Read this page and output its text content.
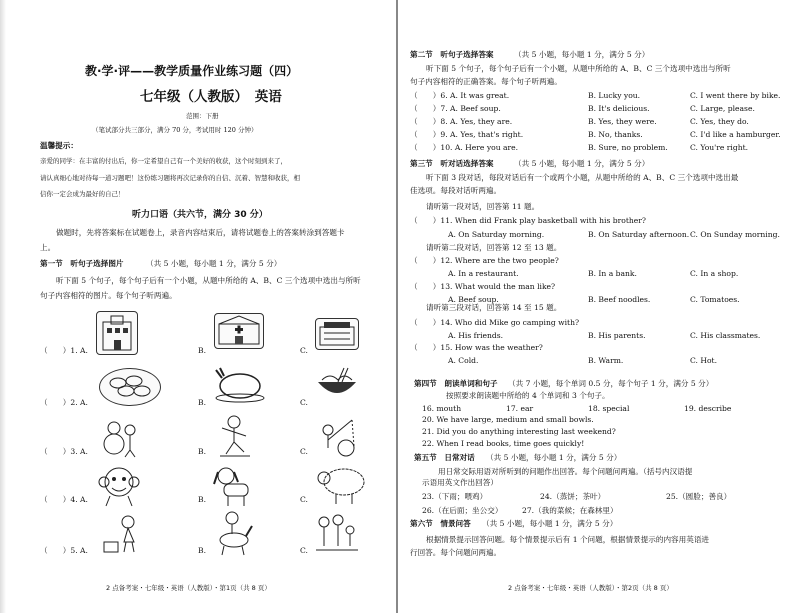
教·学·评——教学质量作业练习题（四）
七年级（人教版）　英语
范围：下册
（笔试部分共三部分，满分 70 分，考试用时 120 分钟）
温馨提示：
亲爱的同学：在丰富的付出后，你一定希望自己有一个美好的收获，这个时刻到来了，
请认真细心地对待每一道习题吧！这份练习题将再次记录你的自信、沉着、智慧和收获，相
信你一定会成为最好的自己！
听力口语（共六节，满分 30 分）
做题时，先将答案标在试题卷上，录音内容结束后，请将试题卷上的答案转涂到答题卡
上。
第一节　听句子选择图片	（共 5 小题，每小题 1 分，满分 5 分）
听下面 5 个句子，每个句子后有一个小题，从题中所给的 A、B、C 三个选项中选出与所听
句子内容相符的图片。每个句子听两遍。
（　　）1. A.	B.	C.
（　　）2. A.	B.	C.
（　　）3. A.	B.	C.
（　　）4. A.	B.	C.
（　　）5. A.	B.	C.
2 点备考案・七年级・英语（人教版）・第1页（共 8 页）
第二节　听句子选择答案	（共 5 小题，每小题 1 分，满分 5 分）
听下面 5 个句子，每个句子后有一个小题，从题中所给的 A、B、C 三个选项中选出与所听
句子内容相符的正确答案。每个句子听两遍。
（　　）6. A. It was great.	B. Lucky you.	C. I went there by bike.
（　　）7. A. Beef soup.	B. It's delicious.	C. Large, please.
（　　）8. A. Yes, they are.	B. Yes, they were.	C. Yes, they do.
（　　）9. A. Yes, that's right.	B. No, thanks.	C. I'd like a hamburger.
（　　）10. A. Here you are.	B. Sure, no problem.	C. You're right.
第三节　听对话选择答案	（共 5 小题，每小题 1 分，满分 5 分）
听下面 3 段对话，每段对话后有一个或两个小题，从题中所给的 A、B、C 三个选项中选出最
佳选项。每段对话听两遍。
请听第一段对话，回答第 11 题。
（　　）11. When did Frank play basketball with his brother?
A. On Saturday morning.	B. On Saturday afternoon. C. On Sunday morning.
请听第二段对话，回答第 12 至 13 题。
（　　）12. Where are the two people?
A. In a restaurant.	B. In a bank.	C. In a shop.
（　　）13. What would the man like?
A. Beef soup.	B. Beef noodles.	C. Tomatoes.
请听第三段对话，回答第 14 至 15 题。
（　　）14. Who did Mike go camping with?
A. His friends.	B. His parents.	C. His classmates.
（　　）15. How was the weather?
A. Cold.	B. Warm.	C. Hot.
第四节　朗读单词和句子 （共 7 小题，每个单词 0.5 分，每个句子 1 分，满分 5 分）
按照要求朗读题中所给的 4 个单词和 3 个句子。
16. mouth	17. ear	18. special	19. describe
20. We have large, medium and small bowls.
21. Did you do anything interesting last weekend?
22. When I read books, time goes quickly!
第五节　日常对话 （共 5 小题，每小题 1 分，满分 5 分）
用日常交际用语对所听到的问题作出回答。每个问题问两遍。（括号内汉语提
示语用英文作出回答）
23.（下雨；喂鸡）	24.（蒸饼；茶叶）	25.（圆脸；善良）
26.（在后面；坐公交）	27.（我的菜候；在森林里）
第六节　情景问答 （共 5 小题，每小题 1 分，满分 5 分）
根据情景提示回答问题。每个情景提示后有 1 个问题，根据情景提示的内容用英语进
行回答。每个问题问两遍。
2 点备考案・七年级・英语（人教版）・第2页（共 8 页）
